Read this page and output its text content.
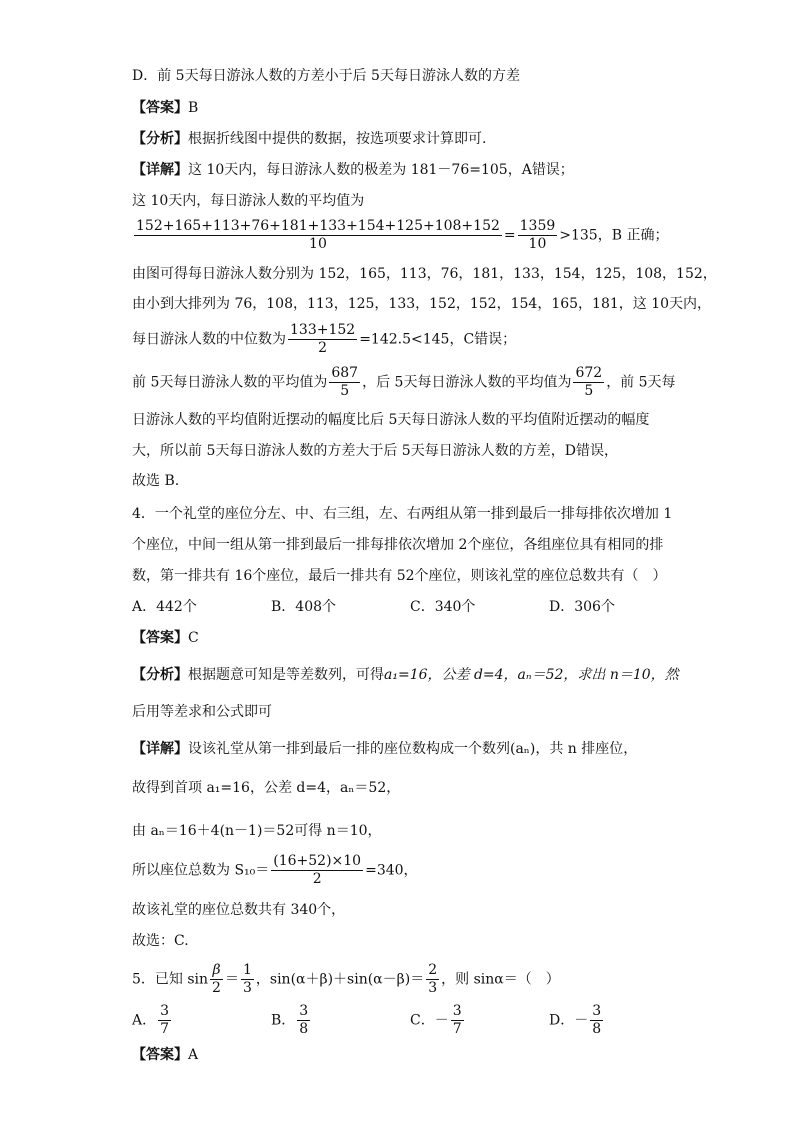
D．前 5天每日游泳人数的方差小于后 5天每日游泳人数的方差
【答案】B
【分析】根据折线图中提供的数据，按选项要求计算即可.
【详解】这 10天内，每日游泳人数的极差为 181－76=105，A错误；
这 10天内，每日游泳人数的平均值为
$\frac{152+165+113+76+181+133+154+125+108+152}{10} = \frac{1359}{10} >135$，B 正确；
由图可得每日游泳人数分别为 152，165，113，76，181，133，154，125，108，152，
由小到大排列为 76，108，113，125，133，152，152，154，165，181，这 10天内，
每日游泳人数的中位数为 $\frac{133+152}{2} =142.5<145$，C错误；
前 5天每日游泳人数的平均值为 $\frac{687}{5}$ ，后 5天每日游泳人数的平均值为 $\frac{672}{5}$ ，前 5天每
日游泳人数的平均值附近摆动的幅度比后 5天每日游泳人数的平均值附近摆动的幅度
大，所以前 5天每日游泳人数的方差大于后 5天每日游泳人数的方差，D错误，
故选 B.
4．一个礼堂的座位分左、中、右三组，左、右两组从第一排到最后一排每排依次增加 1
个座位，中间一组从第一排到最后一排每排依次增加 2个座位，各组座位具有相同的排
数，第一排共有 16个座位，最后一排共有 52个座位，则该礼堂的座位总数共有（　）
A．442个	B．408个	C．340个	D．306个
【答案】C
【分析】根据题意可知是等差数列，可得a₁=16，公差 d=4，aₙ＝52，求出 n＝10，然
后用等差求和公式即可
【详解】设该礼堂从第一排到最后一排的座位数构成一个数列(aₙ)，共 n 排座位，
故得到首项 a₁=16，公差 d=4，aₙ＝52，
由 aₙ＝16＋4(n－1)＝52可得 n＝10，
所以座位总数为 $S_{10}= \frac{(16+52)\times 10}{2} =340$，
故该礼堂的座位总数共有 340个，
故选：C.
5．已知 $\sin \frac{\beta}{2} = \frac{1}{3}$ ，$\sin(\alpha+\beta)+\sin(\alpha-\beta)= \frac{2}{3}$ ，则 sinα＝（　）
A． $\frac{3}{7}$	B． $\frac{3}{8}$	C．－ $\frac{3}{7}$	D．－ $\frac{3}{8}$
【答案】A
